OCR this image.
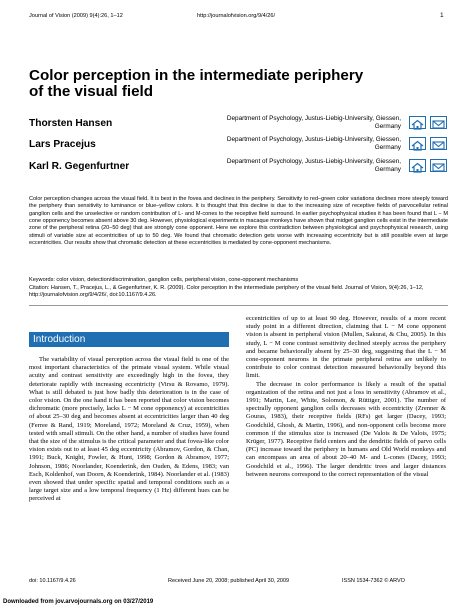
Journal of Vision (2009) 9(4):26, 1–12	http://journalofvision.org/9/4/26/	1
Color perception in the intermediate periphery of the visual field
Thorsten Hansen	Department of Psychology, Justus-Liebig-University, Giessen, Germany
Lars Pracejus	Department of Psychology, Justus-Liebig-University, Giessen, Germany
Karl R. Gegenfurtner	Department of Psychology, Justus-Liebig-University, Giessen, Germany
Color perception changes across the visual field. It is best in the fovea and declines in the periphery. Sensitivity to red–green color variations declines more steeply toward the periphery than sensitivity to luminance or blue–yellow colors. It is thought that this decline is due to the increasing size of receptive fields of parvocellular retinal ganglion cells and the unselective or random contribution of L- and M-cones to the receptive field surround. In earlier psychophysical studies it has been found that L − M cone opponency becomes absent above 30 deg. However, physiological experiments in macaque monkeys have shown that midget ganglion cells exist in the intermediate zone of the peripheral retina (20–50 deg) that are strongly cone opponent. Here we explore this contradiction between physiological and psychophysical research, using stimuli of variable size at eccentricities of up to 50 deg. We found that chromatic detection gets worse with increasing eccentricity but is still possible even at large eccentricities. Our results show that chromatic detection at these eccentricities is mediated by cone-opponent mechanisms.
Keywords: color vision, detection/discrimination, ganglion cells, peripheral vision, cone-opponent mechanisms
Citation: Hansen, T., Pracejus, L., & Gegenfurtner, K. R. (2009). Color perception in the intermediate periphery of the visual field. Journal of Vision, 9(4):26, 1–12, http://journalofvision.org/9/4/26/, doi:10.1167/9.4.26.
Introduction

The variability of visual perception across the visual field is one of the most important characteristics of the primate visual system. While visual acuity and contrast sensitivity are exceedingly high in the fovea, they deteriorate rapidly with increasing eccentricity (Virsu & Rovamo, 1979). What is still debated is just how badly this deterioration is in the case of color vision. On the one hand it has been reported that color vision becomes dichromatic (more precisely, lacks L − M cone opponency) at eccentricities of about 25–30 deg and becomes absent at eccentricities larger than 40 deg (Ferree & Rand, 1919; Moreland, 1972; Moreland & Cruz, 1959), when tested with small stimuli. On the other hand, a number of studies have found that the size of the stimulus is the critical parameter and that fovea-like color vision exists out to at least 45 deg eccentricity (Abramov, Gordon, & Chan, 1991; Buck, Knight, Fowler, & Hunt, 1998; Gordon & Abramov, 1977; Johnson, 1986; Noorlander, Koenderink, den Ouden, & Edens, 1983; van Esch, Koldenhof, van Doorn, & Koenderink, 1984). Noorlander et al. (1983) even showed that under specific spatial and temporal conditions such as a large target size and a low temporal frequency (1 Hz) different hues can be perceived at

eccentricities of up to at least 90 deg. However, results of a more recent study point in a different direction, claiming that L − M cone opponent vision is absent in peripheral vision (Mullen, Sakurai, & Chu, 2005). In this study, L − M cone contrast sensitivity declined steeply across the periphery and became behaviorally absent by 25–30 deg, suggesting that the L − M cone-opponent neurons in the primate peripheral retina are unlikely to contribute to color contrast detection measured behaviorally beyond this limit.

The decrease in color performance is likely a result of the spatial organization of the retina and not just a loss in sensitivity (Abramov et al., 1991; Martin, Lee, White, Solomon, & Rüttiger, 2001). The number of spectrally opponent ganglion cells decreases with eccentricity (Zrenner & Gouras, 1983), their receptive fields (RFs) get larger (Dacey, 1993; Goodchild, Ghosh, & Martin, 1996), and non-opponent cells become more common if the stimulus size is increased (De Valois & De Valois, 1975; Krüger, 1977). Receptive field centers and the dendritic fields of parvo cells (PC) increase toward the periphery in humans and Old World monkeys and can encompass an area of about 20–40 M- and L-cones (Dacey, 1993; Goodchild et al., 1996). The larger dendritic trees and larger distances between neurons correspond to the correct representation of the visual

doi: 10.1167/9.4.26	Received June 20, 2008; published April 30, 2009	ISSN 1534-7362 © ARVO
Downloaded from jov.arvojournals.org on 03/27/2019
